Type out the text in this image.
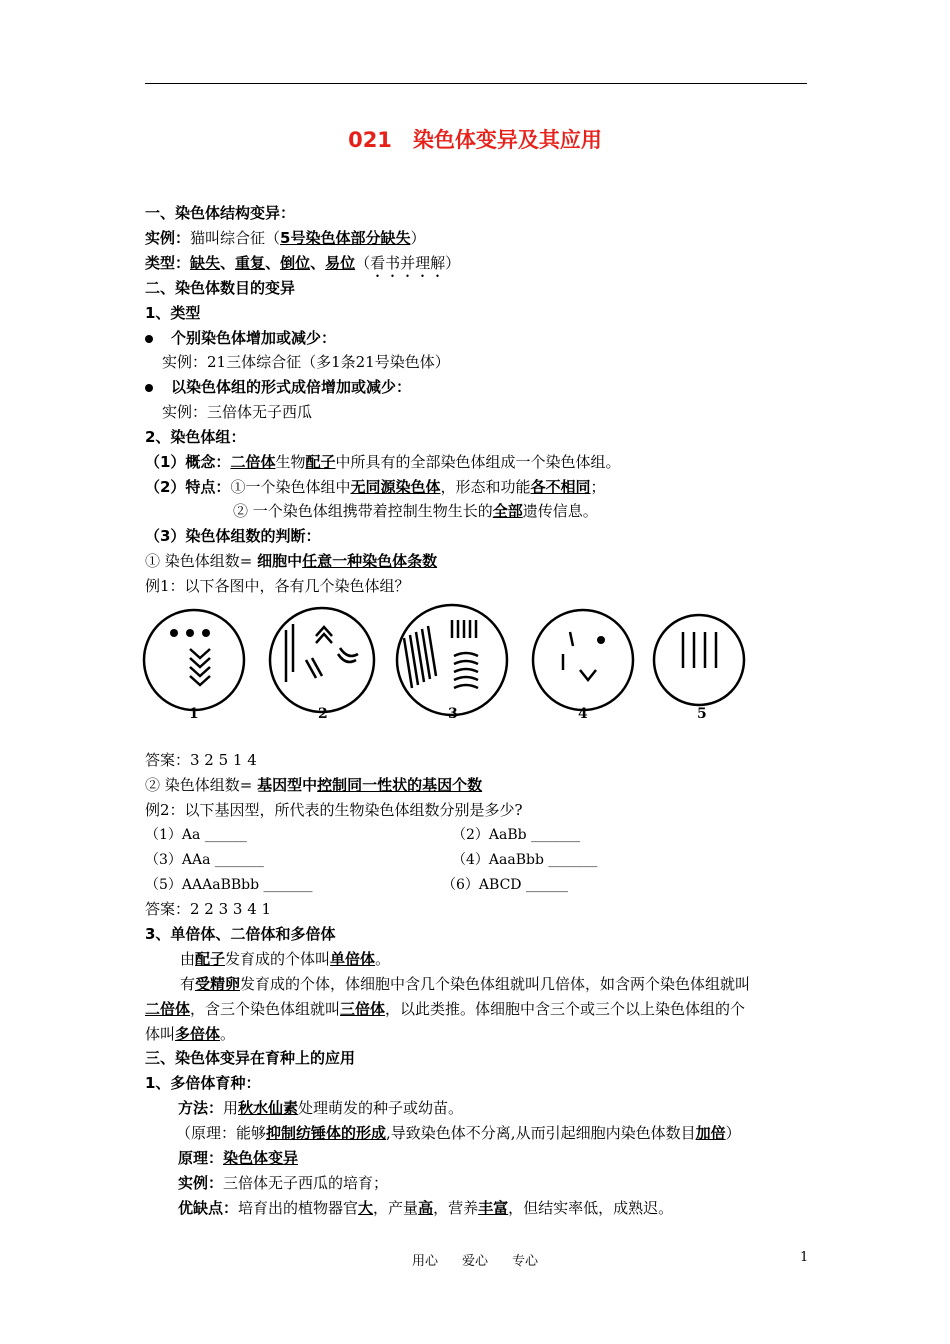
021　染色体变异及其应用
一、染色体结构变异：
实例：猫叫综合征（5号染色体部分缺失）
类型：缺失、重复、倒位、易位（看书并理解）
二、染色体数目的变异
1、类型
个别染色体增加或减少：
实例：21三体综合征（多1条21号染色体）
以染色体组的形式成倍增加或减少：
实例：三倍体无子西瓜
2、染色体组：
（1）概念：二倍体生物配子中所具有的全部染色体组成一个染色体组。
（2）特点：①一个染色体组中无同源染色体，形态和功能各不相同；
② 一个染色体组携带着控制生物生长的全部遗传信息。
（3）染色体组数的判断：
① 染色体组数= 细胞中任意一种染色体条数
例1：以下各图中，各有几个染色体组？
1	2	3	4	5
答案：3 2 5 1 4
② 染色体组数= 基因型中控制同一性状的基因个数
例2：以下基因型，所代表的生物染色体组数分别是多少?
（1）Aa ______	（2）AaBb _______
（3）AAa _______	（4）AaaBbb _______
（5）AAAaBBbb _______	（6）ABCD ______
答案：2 2 3 3 4 1
3、单倍体、二倍体和多倍体
由配子发育成的个体叫单倍体。
有受精卵发育成的个体，体细胞中含几个染色体组就叫几倍体，如含两个染色体组就叫
二倍体，含三个染色体组就叫三倍体，以此类推。体细胞中含三个或三个以上染色体组的个
体叫多倍体。
三、染色体变异在育种上的应用
1、多倍体育种：
方法：用秋水仙素处理萌发的种子或幼苗。
（原理：能够抑制纺锤体的形成,导致染色体不分离,从而引起细胞内染色体数目加倍）
原理：染色体变异
实例：三倍体无子西瓜的培育；
优缺点：培育出的植物器官大，产量高，营养丰富，但结实率低，成熟迟。
用心 爱心 专心	1
